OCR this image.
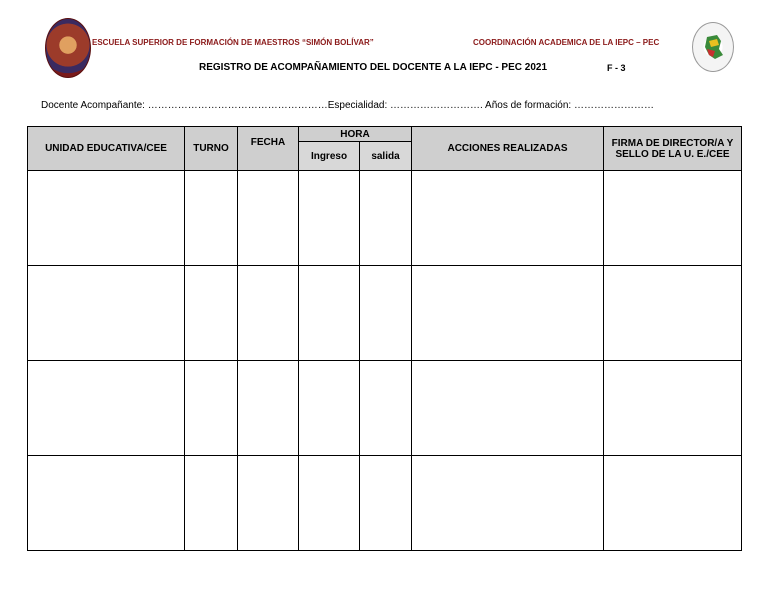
ESCUELA SUPERIOR DE FORMACIÓN DE MAESTROS “SIMÓN BOLÍVAR”	COORDINACIÓN ACADEMICA DE LA IEPC – PEC
REGISTRO DE ACOMPAÑAMIENTO DEL DOCENTE A LA IEPC - PEC 2021	F - 3
Docente Acompañante: ………………………………………………Especialidad: ………………………. Años de formación: ……………………
UNIDAD EDUCATIVA/CEE	TURNO	FECHA	HORA		ACCIONES REALIZADAS	FIRMA DE DIRECTOR/A Y SELLO DE LA U. E./CEE
			Ingreso	salida		
